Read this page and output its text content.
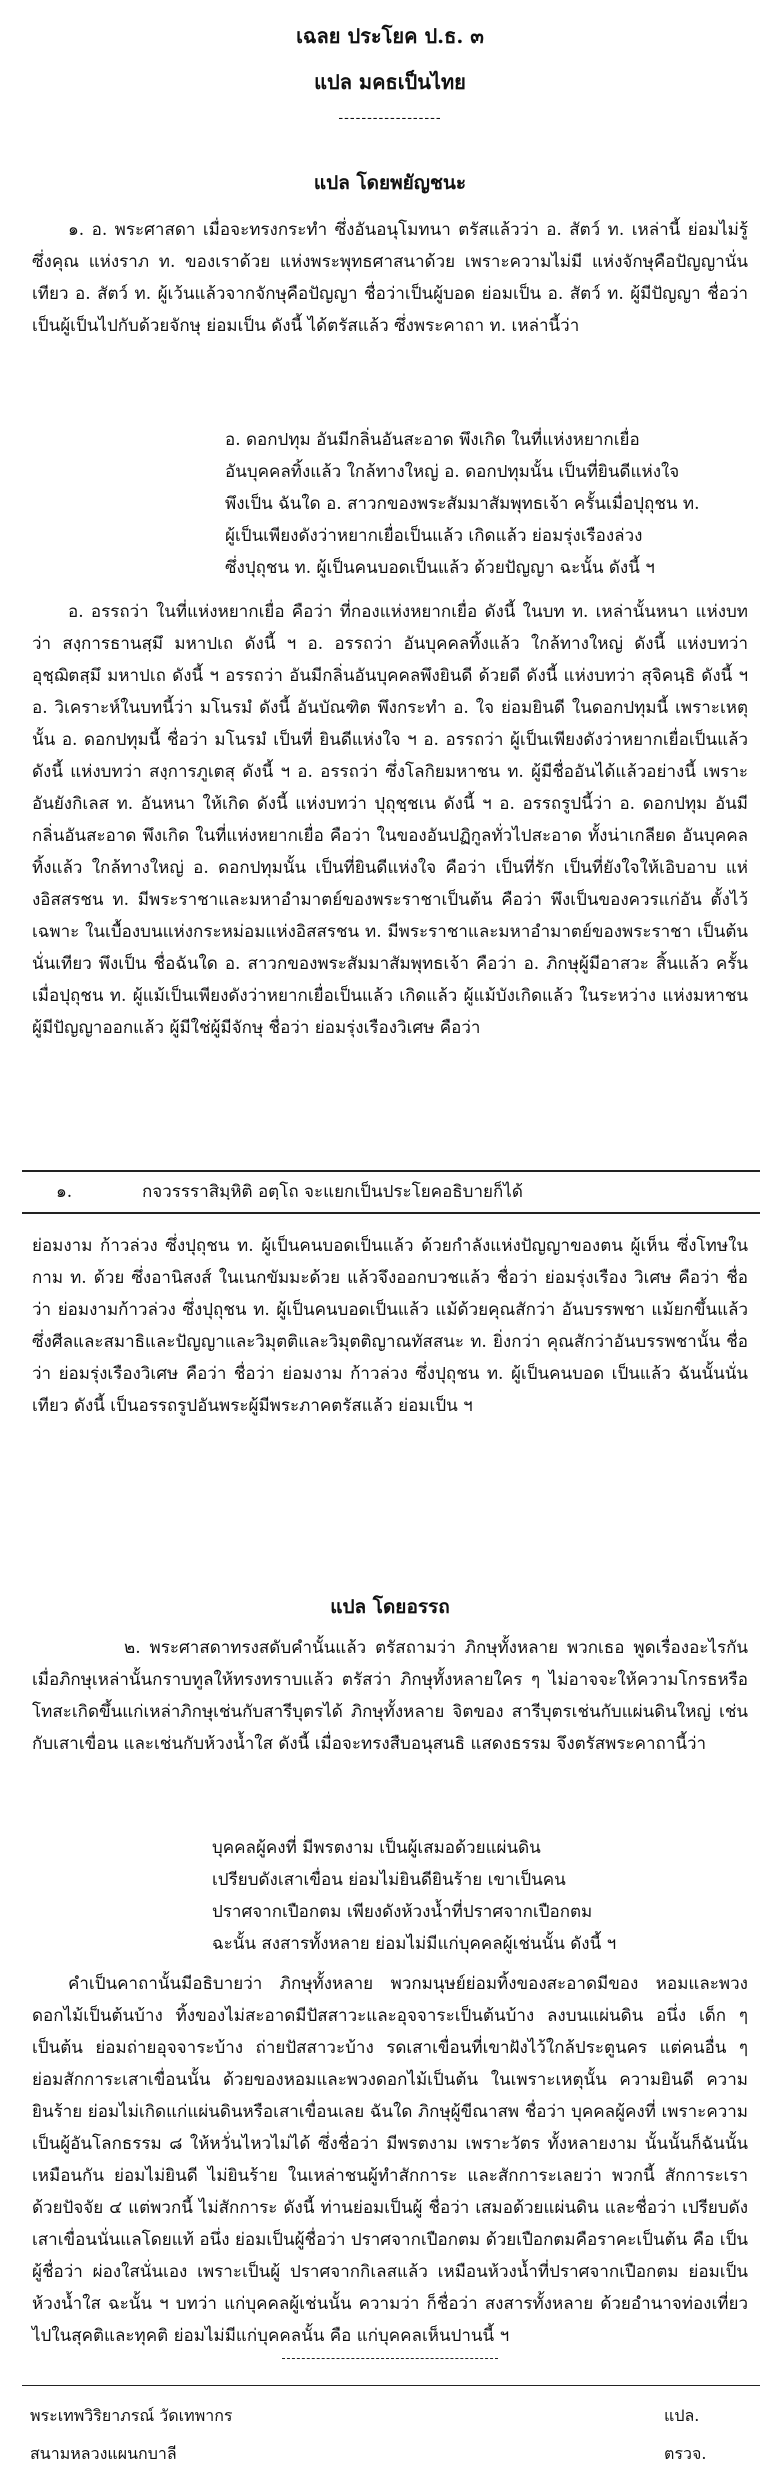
เฉลย ประโยค ป.ธ. ๓
แปล มคธเป็นไทย
------------------
แปล โดยพยัญชนะ

๑. อ. พระศาสดา เมื่อจะทรงกระทำ ซึ่งอันอนุโมทนา ตรัสแล้วว่า อ. สัตว์ ท. เหล่านี้ ย่อมไม่รู้ ซึ่งคุณ แห่งราภ ท. ของเราด้วย แห่งพระพุทธศาสนาด้วย เพราะความไม่มี แห่งจักษุคือปัญญานั่นเทียว อ. สัตว์ ท. ผู้เว้นแล้วจากจักษุคือปัญญา ชื่อว่าเป็นผู้บอด ย่อมเป็น อ. สัตว์ ท. ผู้มีปัญญา ชื่อว่าเป็นผู้เป็นไปกับด้วยจักษุ ย่อมเป็น ดังนี้ ได้ตรัสแล้ว ซึ่งพระคาถา ท. เหล่านี้ว่า

อ. ดอกปทุม อันมีกลิ่นอันสะอาด พึงเกิด ในที่แห่งหยากเยื่อ
อันบุคคลทิ้งแล้ว ใกล้ทางใหญ่ อ. ดอกปทุมนั้น เป็นที่ยินดีแห่งใจ
พึงเป็น ฉันใด อ. สาวกของพระสัมมาสัมพุทธเจ้า ครั้นเมื่อปุถุชน ท.
ผู้เป็นเพียงดังว่าหยากเยื่อเป็นแล้ว เกิดแล้ว ย่อมรุ่งเรืองล่วง
ซึ่งปุถุชน ท. ผู้เป็นคนบอดเป็นแล้ว ด้วยปัญญา ฉะนั้น ดังนี้ ฯ

อ. อรรถว่า ในที่แห่งหยากเยื่อ คือว่า ที่กองแห่งหยากเยื่อ ดังนี้ ในบท ท. เหล่านั้นหนา แห่งบทว่า สงฺการธานสฺมึ มหาปเถ ดังนี้ ฯ อ. อรรถว่า อันบุคคลทิ้งแล้ว ใกล้ทางใหญ่ ดังนี้ แห่งบทว่า อุชฺฌิตสฺมึ มหาปเถ ดังนี้ ฯ อรรถว่า อันมีกลิ่นอันบุคคลพึงยินดี ด้วยดี ดังนี้ แห่งบทว่า สุจิคนฺธิ ดังนี้ ฯ อ. วิเคราะห์ในบทนี้ว่า มโนรมํ ดังนี้ อันบัณฑิต พึงกระทำ อ. ใจ ย่อมยินดี ในดอกปทุมนี้ เพราะเหตุนั้น อ. ดอกปทุมนี้ ชื่อว่า มโนรมํ เป็นที่ ยินดีแห่งใจ ฯ อ. อรรถว่า ผู้เป็นเพียงดังว่าหยากเยื่อเป็นแล้ว ดังนี้ แห่งบทว่า สงฺการภูเตสุ ดังนี้ ฯ อ. อรรถว่า ซึ่งโลกิยมหาชน ท. ผู้มีชื่ออันได้แล้วอย่างนี้ เพราะอันยังกิเลส ท. อันหนา ให้เกิด ดังนี้ แห่งบทว่า ปุถุชฺชเน ดังนี้ ฯ อ. อรรถรูปนี้ว่า อ. ดอกปทุม อันมีกลิ่นอันสะอาด พึงเกิด ในที่แห่งหยากเยื่อ คือว่า ในของอันปฏิกูลทั่วไปสะอาด ทั้งน่าเกลียด อันบุคคลทิ้งแล้ว ใกล้ทางใหญ่ อ. ดอกปทุมนั้น เป็นที่ยินดีแห่งใจ คือว่า เป็นที่รัก เป็นที่ยังใจให้เอิบอาบ แห่งอิสสรชน ท. มีพระราชาและมหาอำมาตย์ของพระราชาเป็นต้น คือว่า พึงเป็นของควรแก่อัน ตั้งไว้เฉพาะ ในเบื้องบนแห่งกระหม่อมแห่งอิสสรชน ท. มีพระราชาและมหาอำมาตย์ของพระราชา เป็นต้นนั่นเทียว พึงเป็น ชื่อฉันใด อ. สาวกของพระสัมมาสัมพุทธเจ้า คือว่า อ. ภิกษุผู้มีอาสวะ สิ้นแล้ว ครั้นเมื่อปุถุชน ท. ผู้แม้เป็นเพียงดังว่าหยากเยื่อเป็นแล้ว เกิดแล้ว ผู้แม้บังเกิดแล้ว ในระหว่าง แห่งมหาชนผู้มีปัญญาออกแล้ว ผู้มีใช่ผู้มีจักษุ ชื่อว่า ย่อมรุ่งเรืองวิเศษ คือว่า

๑.	กจวรรราสิมฺหิติ อตฺโถ จะแยกเป็นประโยคอธิบายก็ได้

ย่อมงาม ก้าวล่วง ซึ่งปุถุชน ท. ผู้เป็นคนบอดเป็นแล้ว ด้วยกำลังแห่งปัญญาของตน ผู้เห็น ซึ่งโทษในกาม ท. ด้วย ซึ่งอานิสงส์ ในเนกขัมมะด้วย แล้วจึงออกบวชแล้ว ชื่อว่า ย่อมรุ่งเรือง วิเศษ คือว่า ชื่อว่า ย่อมงามก้าวล่วง ซึ่งปุถุชน ท. ผู้เป็นคนบอดเป็นแล้ว แม้ด้วยคุณสักว่า อันบรรพชา แม้ยกขึ้นแล้วซึ่งศีลและสมาธิและปัญญาและวิมุตติและวิมุตติญาณทัสสนะ ท. ยิ่งกว่า คุณสักว่าอันบรรพชานั้น ชื่อว่า ย่อมรุ่งเรืองวิเศษ คือว่า ชื่อว่า ย่อมงาม ก้าวล่วง ซึ่งปุถุชน ท. ผู้เป็นคนบอด เป็นแล้ว ฉันนั้นนั่นเทียว ดังนี้ เป็นอรรถรูปอันพระผู้มีพระภาคตรัสแล้ว ย่อมเป็น ฯ

แปล โดยอรรถ

๒. พระศาสดาทรงสดับคำนั้นแล้ว ตรัสถามว่า ภิกษุทั้งหลาย พวกเธอ พูดเรื่องอะไรกัน เมื่อภิกษุเหล่านั้นกราบทูลให้ทรงทราบแล้ว ตรัสว่า ภิกษุทั้งหลายใคร ๆ ไม่อาจจะให้ความโกรธหรือโทสะเกิดขึ้นแก่เหล่าภิกษุเช่นกับสารีบุตรได้ ภิกษุทั้งหลาย จิตของ สารีบุตรเช่นกับแผ่นดินใหญ่ เช่นกับเสาเขื่อน และเช่นกับห้วงน้ำใส ดังนี้ เมื่อจะทรงสืบอนุสนธิ แสดงธรรม จึงตรัสพระคาถานี้ว่า

บุคคลผู้คงที่ มีพรตงาม เป็นผู้เสมอด้วยแผ่นดิน
เปรียบดังเสาเขื่อน ย่อมไม่ยินดียินร้าย เขาเป็นคน
ปราศจากเปือกตม เพียงดังห้วงน้ำที่ปราศจากเปือกตม
ฉะนั้น สงสารทั้งหลาย ย่อมไม่มีแก่บุคคลผู้เช่นนั้น ดังนี้ ฯ

คำเป็นคาถานั้นมีอธิบายว่า ภิกษุทั้งหลาย พวกมนุษย์ย่อมทิ้งของสะอาดมีของ หอมและพวงดอกไม้เป็นต้นบ้าง ทิ้งของไม่สะอาดมีปัสสาวะและอุจจาระเป็นต้นบ้าง ลงบนแผ่นดิน อนึ่ง เด็ก ๆ เป็นต้น ย่อมถ่ายอุจจาระบ้าง ถ่ายปัสสาวะบ้าง รดเสาเขื่อนที่เขาฝังไว้ใกล้ประตูนคร แต่คนอื่น ๆ ย่อมสักการะเสาเขื่อนนั้น ด้วยของหอมและพวงดอกไม้เป็นต้น ในเพราะเหตุนั้น ความยินดี ความยินร้าย ย่อมไม่เกิดแก่แผ่นดินหรือเสาเขื่อนเลย ฉันใด ภิกษุผู้ขีณาสพ ชื่อว่า บุคคลผู้คงที่ เพราะความเป็นผู้อันโลกธรรม ๘ ให้หวั่นไหวไม่ได้ ซึ่งชื่อว่า มีพรตงาม เพราะวัตร ทั้งหลายงาม นั้นนั้นก็ฉันนั้นเหมือนกัน ย่อมไม่ยินดี ไม่ยินร้าย ในเหล่าชนผู้ทำสักการะ และสักการะเลยว่า พวกนี้ สักการะเราด้วยปัจจัย ๔ แต่พวกนี้ ไม่สักการะ ดังนี้ ท่านย่อมเป็นผู้ ชื่อว่า เสมอด้วยแผ่นดิน และชื่อว่า เปรียบดังเสาเขื่อนนั่นแลโดยแท้ อนึ่ง ย่อมเป็นผู้ชื่อว่า ปราศจากเปือกตม ด้วยเปือกตมคือราคะเป็นต้น คือ เป็นผู้ชื่อว่า ผ่องใสนั่นเอง เพราะเป็นผู้ ปราศจากกิเลสแล้ว เหมือนห้วงน้ำที่ปราศจากเปือกตม ย่อมเป็นห้วงน้ำใส ฉะนั้น ฯ บทว่า แก่บุคคลผู้เช่นนั้น ความว่า ก็ชื่อว่า สงสารทั้งหลาย ด้วยอำนาจท่องเที่ยวไปในสุคติและทุคติ ย่อมไม่มีแก่บุคคลนั้น คือ แก่บุคคลเห็นปานนี้ ฯ

พระเทพวิริยาภรณ์ วัดเทพากร	แปล.
สนามหลวงแผนกบาลี	ตรวจ.
